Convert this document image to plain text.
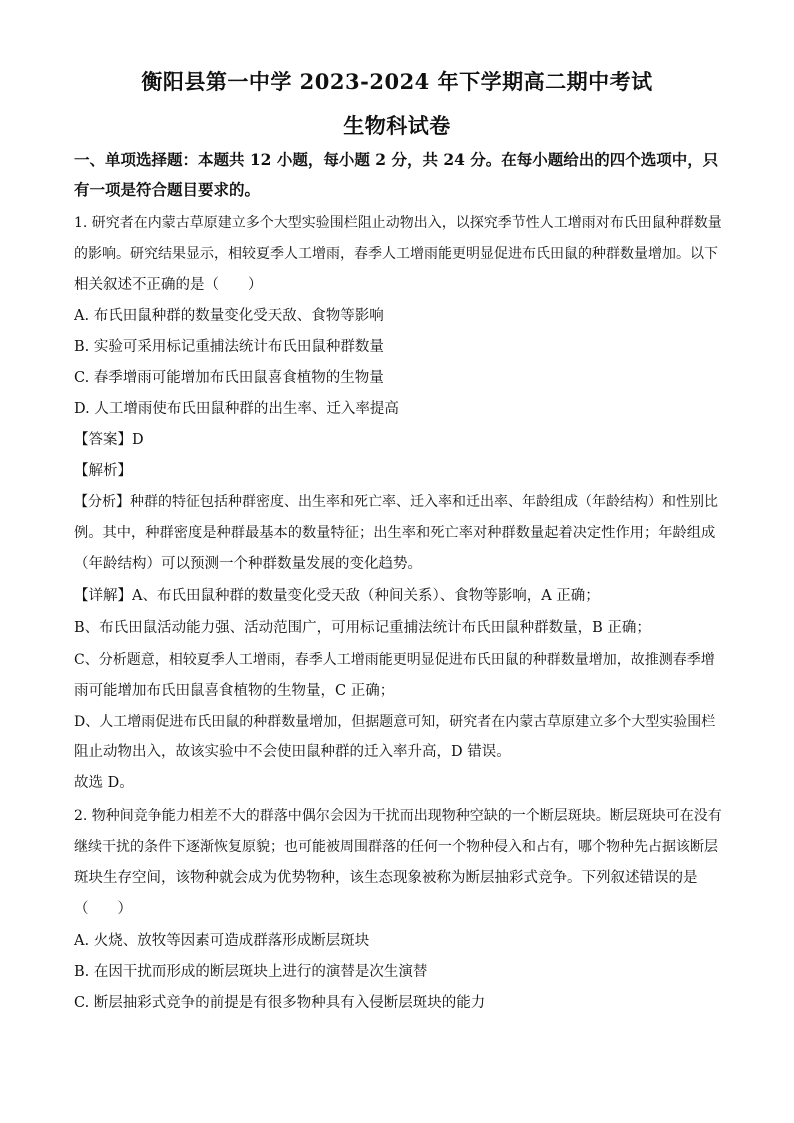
衡阳县第一中学 2023-2024 年下学期高二期中考试
生物科试卷
一、单项选择题：本题共 12 小题，每小题 2 分，共 24 分。在每小题给出的四个选项中，只
有一项是符合题目要求的。
1. 研究者在内蒙古草原建立多个大型实验围栏阻止动物出入，以探究季节性人工增雨对布氏田鼠种群数量
的影响。研究结果显示，相较夏季人工增雨，春季人工增雨能更明显促进布氏田鼠的种群数量增加。以下
相关叙述不正确的是（　　）
A. 布氏田鼠种群的数量变化受天敌、食物等影响
B. 实验可采用标记重捕法统计布氏田鼠种群数量
C. 春季增雨可能增加布氏田鼠喜食植物的生物量
D. 人工增雨使布氏田鼠种群的出生率、迁入率提高
【答案】D
【解析】
【分析】种群的特征包括种群密度、出生率和死亡率、迁入率和迁出率、年龄组成（年龄结构）和性别比
例。其中，种群密度是种群最基本的数量特征；出生率和死亡率对种群数量起着决定性作用；年龄组成
（年龄结构）可以预测一个种群数量发展的变化趋势。
【详解】A、布氏田鼠种群的数量变化受天敌（种间关系）、食物等影响，A 正确；
B、布氏田鼠活动能力强、活动范围广，可用标记重捕法统计布氏田鼠种群数量，B 正确；
C、分析题意，相较夏季人工增雨，春季人工增雨能更明显促进布氏田鼠的种群数量增加，故推测春季增
雨可能增加布氏田鼠喜食植物的生物量，C 正确；
D、人工增雨促进布氏田鼠的种群数量增加，但据题意可知，研究者在内蒙古草原建立多个大型实验围栏
阻止动物出入，故该实验中不会使田鼠种群的迁入率升高，D 错误。
故选 D。
2. 物种间竞争能力相差不大的群落中偶尔会因为干扰而出现物种空缺的一个断层斑块。断层斑块可在没有
继续干扰的条件下逐渐恢复原貌；也可能被周围群落的任何一个物种侵入和占有，哪个物种先占据该断层
斑块生存空间，该物种就会成为优势物种，该生态现象被称为断层抽彩式竞争。下列叙述错误的是
（　　）
A. 火烧、放牧等因素可造成群落形成断层斑块
B. 在因干扰而形成的断层斑块上进行的演替是次生演替
C. 断层抽彩式竞争的前提是有很多物种具有入侵断层斑块的能力
